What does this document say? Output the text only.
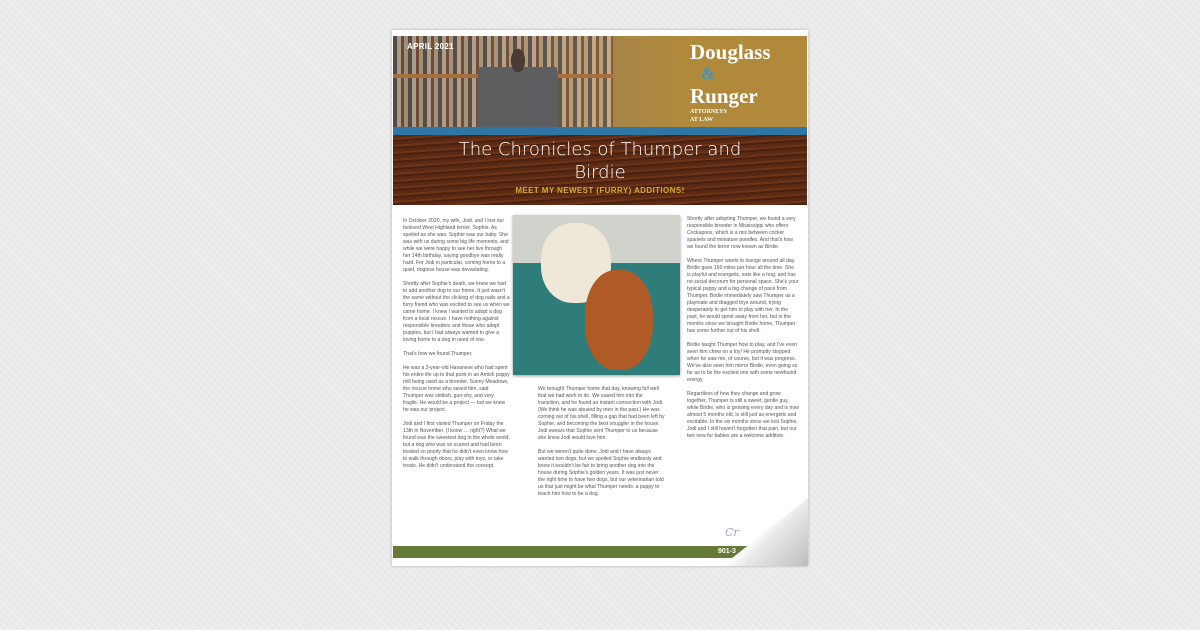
APRIL 2021	Douglass
&
Runger
ATTORNEYS
AT LAW
The Chronicles of Thumper and Birdie
MEET MY NEWEST (FURRY) ADDITIONS!

In October 2020, my wife, Jodi, and I lost our beloved West Highland terrier, Sophie. As spoiled as she was, Sophie was our baby. She was with us during some big life moments, and while we were happy to see her live through her 14th birthday, saying goodbye was really hard. For Jodi in particular, coming home to a quiet, dogless house was devastating.

Shortly after Sophie's death, we knew we had to add another dog to our home. It just wasn't the same without the clicking of dog nails and a furry friend who was excited to see us when we came home. I knew I wanted to adopt a dog from a local rescue. I have nothing against responsible breeders and those who adopt puppies, but I had always wanted to give a loving home to a dog in need of one.

That's how we found Thumper.

He was a 3-year-old Havanese who had spent his entire life up to that point in an Amish puppy mill being used as a breeder. Sunny Meadows, the rescue home who saved him, said Thumper was skittish, gun-shy, and very fragile. He would be a project — but we knew he was our project.

Jodi and I first visited Thumper on Friday the 13th in November. (I know … right?) What we found was the sweetest dog in the whole world, but a dog who was so scared and had been treated so poorly that he didn't even know how to walk through doors, play with toys, or take treats. He didn't understand the concept.

We brought Thumper home that day, knowing full well that we had work to do. We eased him into the transition, and he found an instant connection with Jodi. (We think he was abused by men in the past.) He was coming out of his shell, filling a gap that had been left by Sophie, and becoming the best snuggler in the house. Jodi swears that Sophie sent Thumper to us because she knew Jodi would love him.

But we weren't quite done. Jodi and I have always wanted two dogs, but we spoiled Sophie endlessly and knew it wouldn't be fair to bring another dog into the house during Sophie's golden years. It was just never the right time to have two dogs, but our veterinarian told us that just might be what Thumper needs: a puppy to teach him how to be a dog.

Shortly after adopting Thumper, we found a very responsible breeder in Mississippi who offers Cockapoos, which is a mix between cocker spaniels and miniature poodles. And that's how we found the terror now known as Birdie.

Where Thumper wants to lounge around all day, Birdie goes 150 miles per hour all the time. She is playful and energetic, eats like a hog, and has no social decorum for personal space. She's your typical puppy and a big change of pace from Thumper. Birdie immediately saw Thumper as a playmate and dragged toys around, trying desperately to get him to play with her. In the past, he would sprint away from her, but in the months since we brought Birdie home, Thumper has come further out of his shell.

Birdie taught Thumper how to play, and I've even seen him chew on a toy! He promptly stopped when he saw me, of course, but it was progress. We've also seen him mirror Birdie, even going so far as to be the excited one with some newfound energy.

Regardless of how they change and grow together, Thumper is still a sweet, gentle guy, while Birdie, who is growing every day and is now almost 5 months old, is still just as energetic and excitable. In the six months since we lost Sophie, Jodi and I still haven't forgotten that pain, but our two new fur babies are a welcome addition.

Cr
901-3
